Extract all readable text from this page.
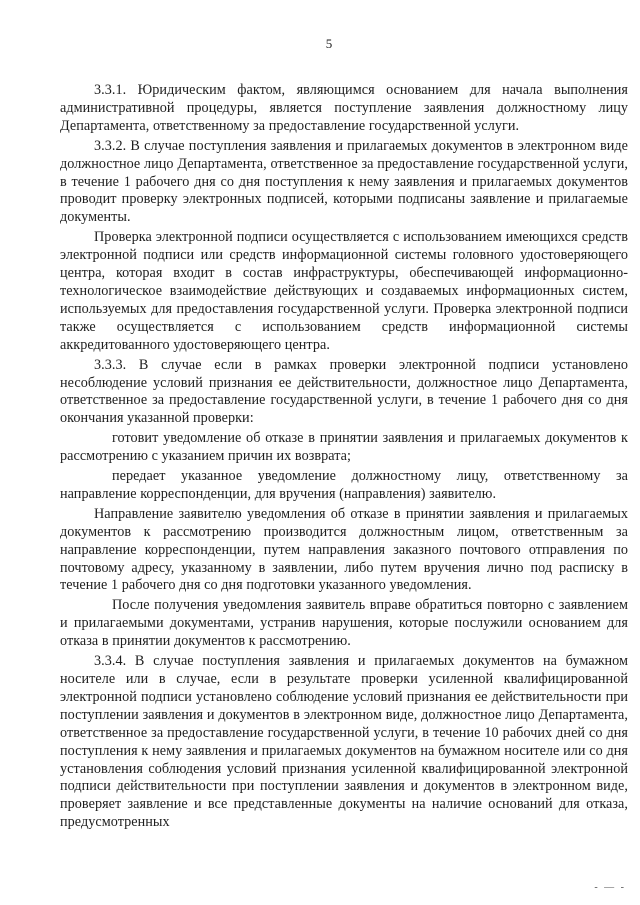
5

3.3.1. Юридическим фактом, являющимся основанием для начала выполнения административной процедуры, является поступление заявления должностному лицу Департамента, ответственному за предоставление государственной услуги.

3.3.2. В случае поступления заявления и прилагаемых документов в электронном виде должностное лицо Департамента, ответственное за предоставление государственной услуги, в течение 1 рабочего дня со дня поступления к нему заявления и прилагаемых документов проводит проверку электронных подписей, которыми подписаны заявление и прилагаемые документы.

Проверка электронной подписи осуществляется с использованием имеющихся средств электронной подписи или средств информационной системы головного удостоверяющего центра, которая входит в состав инфраструктуры, обеспечивающей информационно-технологическое взаимодействие действующих и создаваемых информационных систем, используемых для предоставления государственной услуги. Проверка электронной подписи также осуществляется с использованием средств информационной системы аккредитованного удостоверяющего центра.

3.3.3. В случае если в рамках проверки электронной подписи установлено несоблюдение условий признания ее действительности, должностное лицо Департамента, ответственное за предоставление государственной услуги, в течение 1 рабочего дня со дня окончания указанной проверки:

готовит уведомление об отказе в принятии заявления и прилагаемых документов к рассмотрению с указанием причин их возврата;

передает указанное уведомление должностному лицу, ответственному за направление корреспонденции, для вручения (направления) заявителю.

Направление заявителю уведомления об отказе в принятии заявления и прилагаемых документов к рассмотрению производится должностным лицом, ответственным за направление корреспонденции, путем направления заказного почтового отправления по почтовому адресу, указанному в заявлении, либо путем вручения лично под расписку в течение 1 рабочего дня со дня подготовки указанного уведомления.

После получения уведомления заявитель вправе обратиться повторно с заявлением и прилагаемыми документами, устранив нарушения, которые послужили основанием для отказа в принятии документов к рассмотрению.

3.3.4. В случае поступления заявления и прилагаемых документов на бумажном носителе или в случае, если в результате проверки усиленной квалифицированной электронной подписи установлено соблюдение условий признания ее действительности при поступлении заявления и документов в электронном виде, должностное лицо Департамента, ответственное за предоставление государственной услуги, в течение 10 рабочих дней со дня поступления к нему заявления и прилагаемых документов на бумажном носителе или со дня установления соблюдения условий признания усиленной квалифицированной электронной подписи действительности при поступлении заявления и документов в электронном виде, проверяет заявление и все представленные документы на наличие оснований для отказа, предусмотренных

- — -
